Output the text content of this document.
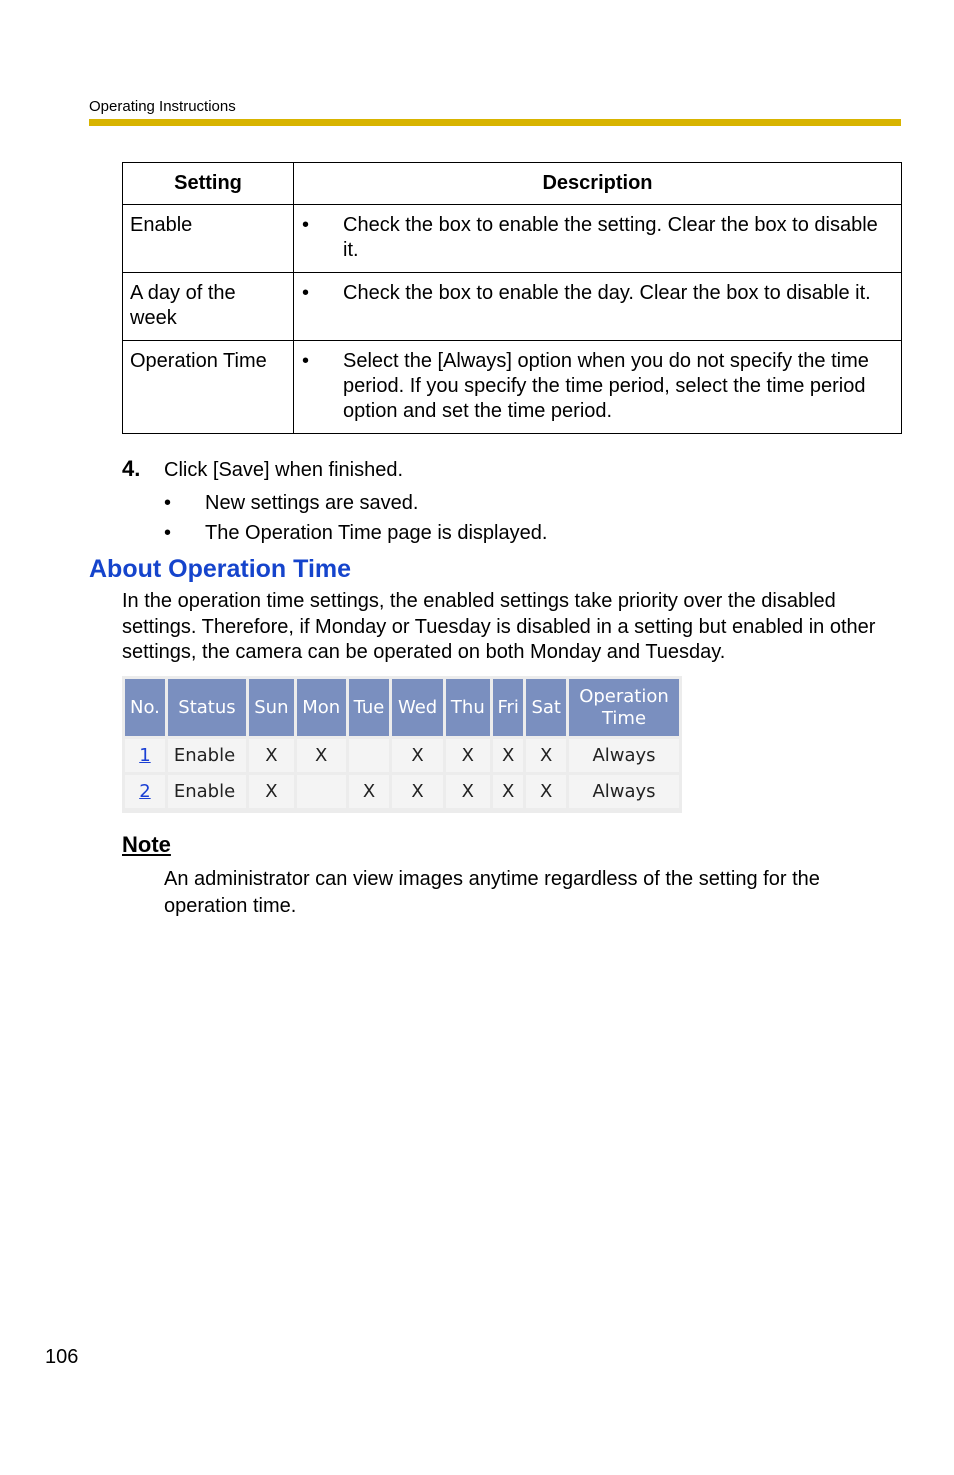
Operating Instructions
Setting	Description
Enable	• Check the box to enable the setting. Clear the box to disable it.

A day of the week	• Check the box to enable the day. Clear the box to disable it.

Operation Time	• Select the [Always] option when you do not specify the time period. If you specify the time period, select the time period option and set the time period.
4.	Click [Save] when finished.
•	New settings are saved.
•	The Operation Time page is displayed.
About Operation Time
In the operation time settings, the enabled settings take priority over the disabled settings. Therefore, if Monday or Tuesday is disabled in a setting but enabled in other settings, the camera can be operated on both Monday and Tuesday.
No.	Status	Sun	Mon	Tue	Wed	Thu	Fri	Sat	Operation Time
1	Enable	X	X		X	X	X	X	Always
2	Enable	X		X	X	X	X	X	Always
Note
An administrator can view images anytime regardless of the setting for the operation time.
106
